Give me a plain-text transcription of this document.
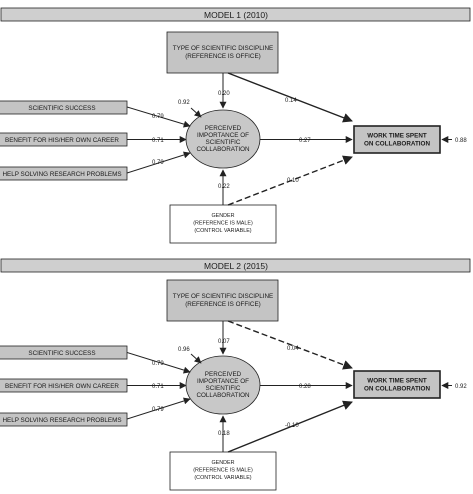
MODEL 1 (2010)
TYPE OF SCIENTIFIC DISCIPLINE
(REFERENCE IS OFFICE)
SCIENTIFIC SUCCESS
BENEFIT FOR HIS/HER OWN CAREER
HELP SOLVING RESEARCH PROBLEMS
PERCEIVED
IMPORTANCE OF
SCIENTIFIC
COLLABORATION
WORK TIME SPENT
ON COLLABORATION
GENDER
(REFERENCE IS MALE)
(CONTROL VARIABLE)
0.79
0.71
0.79
0.92
0.20
0.22
0.27
0.14
0.10
0.88
MODEL 2 (2015)
TYPE OF SCIENTIFIC DISCIPLINE
(REFERENCE IS OFFICE)
SCIENTIFIC SUCCESS
BENEFIT FOR HIS/HER OWN CAREER
HELP SOLVING RESEARCH PROBLEMS
PERCEIVED
IMPORTANCE OF
SCIENTIFIC
COLLABORATION
WORK TIME SPENT
ON COLLABORATION
GENDER
(REFERENCE IS MALE)
(CONTROL VARIABLE)
0.79
0.71
0.79
0.96
0.07
0.18
0.28
0.04
-0.10
0.92
